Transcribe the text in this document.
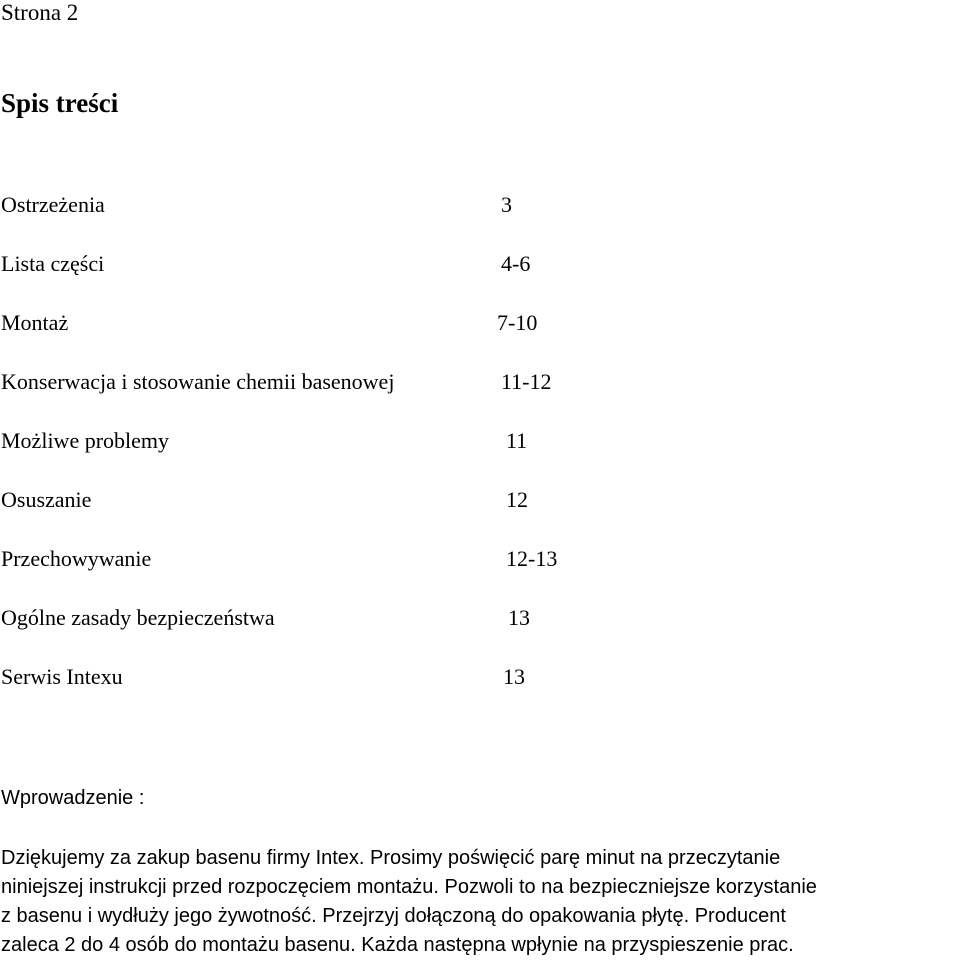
Strona 2
Spis treści
Ostrzeżenia	3
Lista części	4-6
Montaż	7-10
Konserwacja i stosowanie chemii basenowej	11-12
Możliwe problemy	11
Osuszanie	12
Przechowywanie	12-13
Ogólne zasady bezpieczeństwa	13
Serwis Intexu	13
Wprowadzenie :

Dziękujemy za zakup basenu firmy Intex. Prosimy poświęcić parę minut na przeczytanie
niniejszej instrukcji przed rozpoczęciem montażu. Pozwoli to na bezpieczniejsze korzystanie
z basenu i wydłuży jego żywotność. Przejrzyj dołączoną do opakowania płytę. Producent
zaleca 2 do 4 osób do montażu basenu. Każda następna wpłynie na przyspieszenie prac.
